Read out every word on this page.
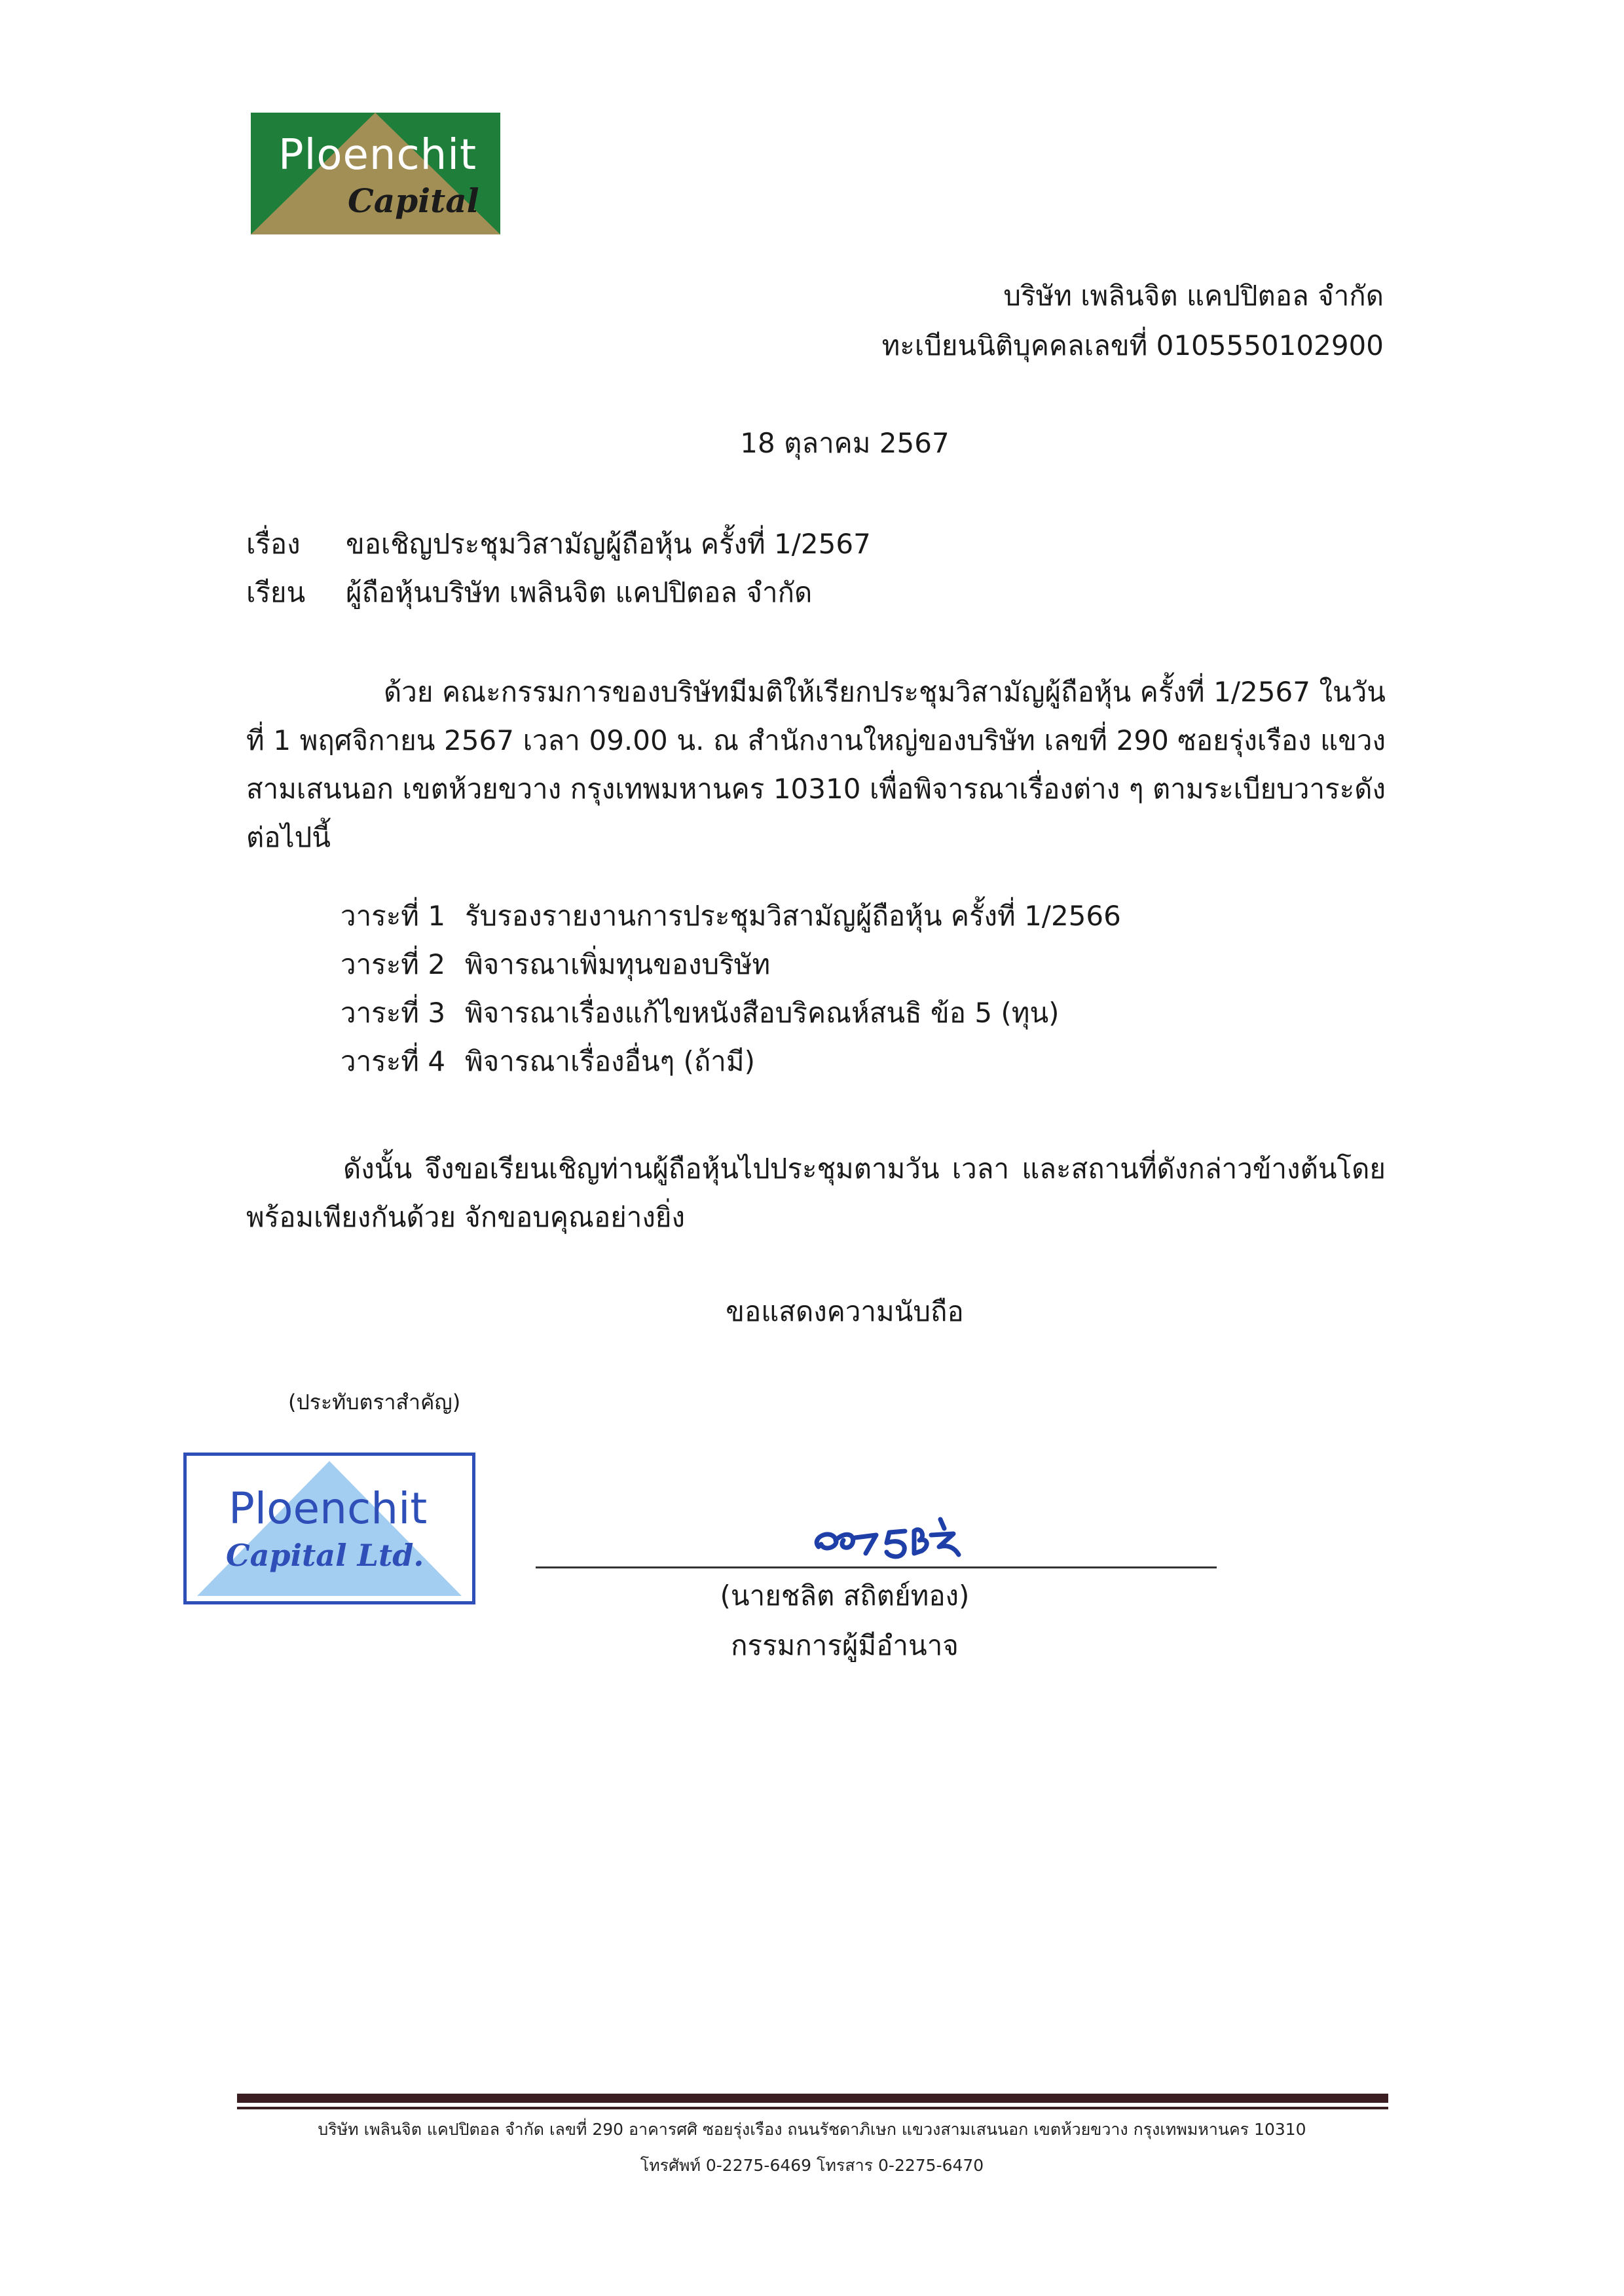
Ploenchit
Capital
บริษัท เพลินจิต แคปปิตอล จำกัด
ทะเบียนนิติบุคคลเลขที่ 0105550102900
18 ตุลาคม 2567
เรื่อง ขอเชิญประชุมวิสามัญผู้ถือหุ้น ครั้งที่ 1/2567
เรียน ผู้ถือหุ้นบริษัท เพลินจิต แคปปิตอล จำกัด
ด้วย คณะกรรมการของบริษัทมีมติให้เรียกประชุมวิสามัญผู้ถือหุ้น ครั้งที่ 1/2567 ในวันที่ 1 พฤศจิกายน 2567 เวลา 09.00 น. ณ สำนักงานใหญ่ของบริษัท เลขที่ 290 ซอยรุ่งเรือง แขวงสามเสนนอก เขตห้วยขวาง กรุงเทพมหานคร 10310 เพื่อพิจารณาเรื่องต่าง ๆ ตามระเบียบวาระดังต่อไปนี้
วาระที่ 1 รับรองรายงานการประชุมวิสามัญผู้ถือหุ้น ครั้งที่ 1/2566
วาระที่ 2 พิจารณาเพิ่มทุนของบริษัท
วาระที่ 3 พิจารณาเรื่องแก้ไขหนังสือบริคณห์สนธิ ข้อ 5 (ทุน)
วาระที่ 4 พิจารณาเรื่องอื่นๆ (ถ้ามี)
ดังนั้น จึงขอเรียนเชิญท่านผู้ถือหุ้นไปประชุมตามวัน เวลา และสถานที่ดังกล่าวข้างต้นโดยพร้อมเพียงกันด้วย จักขอบคุณอย่างยิ่ง
ขอแสดงความนับถือ
(ประทับตราสำคัญ)
Ploenchit
Capital Ltd.
(นายชลิต สถิตย์ทอง)
กรรมการผู้มีอำนาจ
บริษัท เพลินจิต แคปปิตอล จำกัด เลขที่ 290 อาคารศศิ ซอยรุ่งเรือง ถนนรัชดาภิเษก แขวงสามเสนนอก เขตห้วยขวาง กรุงเทพมหานคร 10310
โทรศัพท์ 0-2275-6469 โทรสาร 0-2275-6470
